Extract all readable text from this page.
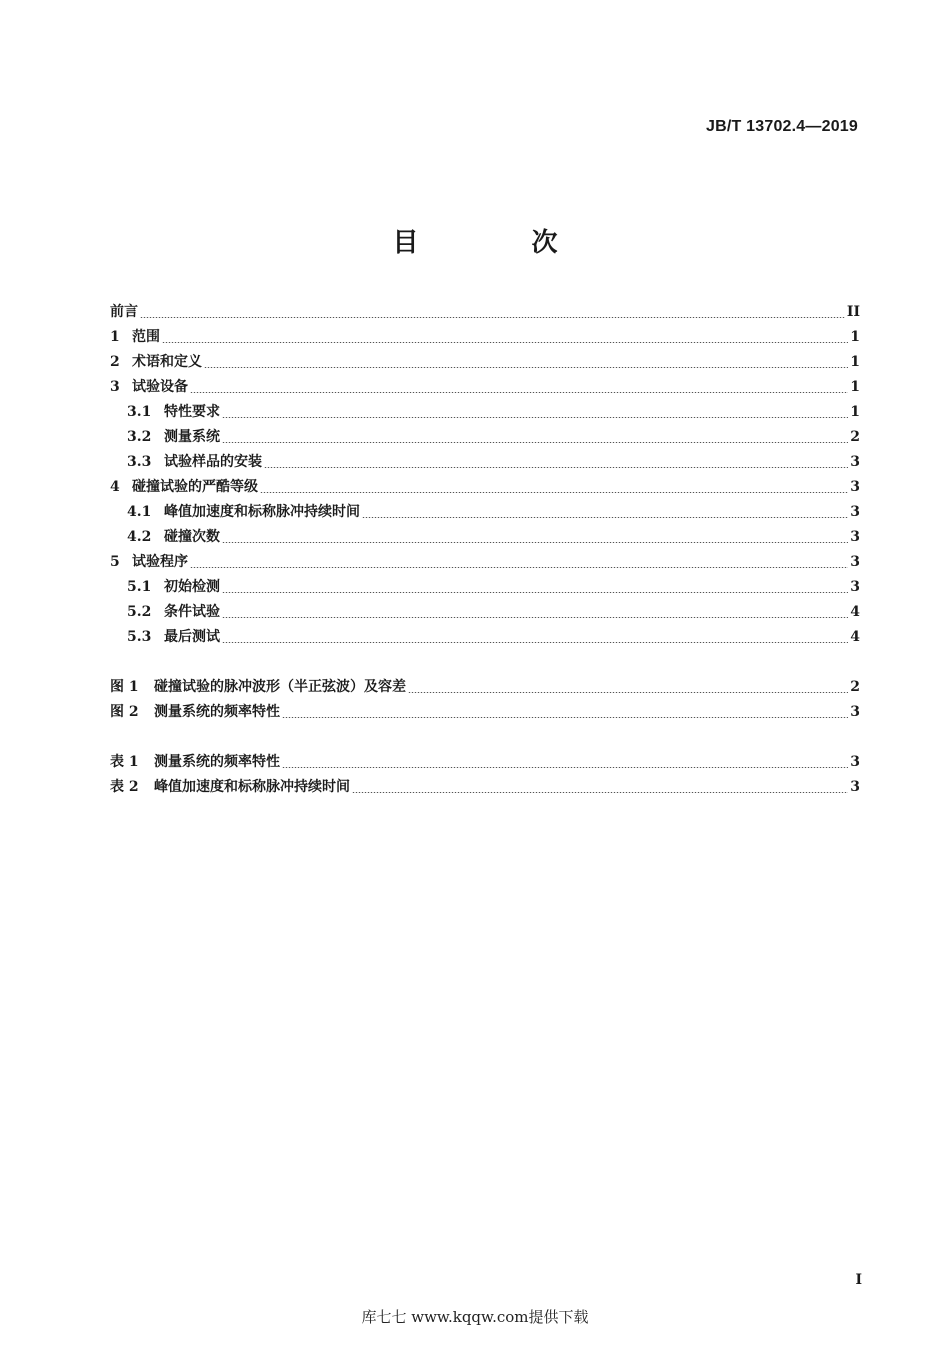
JB/T 13702.4—2019
目 次
前言	II
1 范围	1
2 术语和定义	1
3 试验设备	1
3.1 特性要求	1
3.2 测量系统	2
3.3 试验样品的安装	3
4 碰撞试验的严酷等级	3
4.1 峰值加速度和标称脉冲持续时间	3
4.2 碰撞次数	3
5 试验程序	3
5.1 初始检测	3
5.2 条件试验	4
5.3 最后测试	4
图 1	碰撞试验的脉冲波形（半正弦波）及容差	2
图 2	测量系统的频率特性	3
表 1	测量系统的频率特性	3
表 2	峰值加速度和标称脉冲持续时间	3
I
库七七 www.kqqw.com提供下载
